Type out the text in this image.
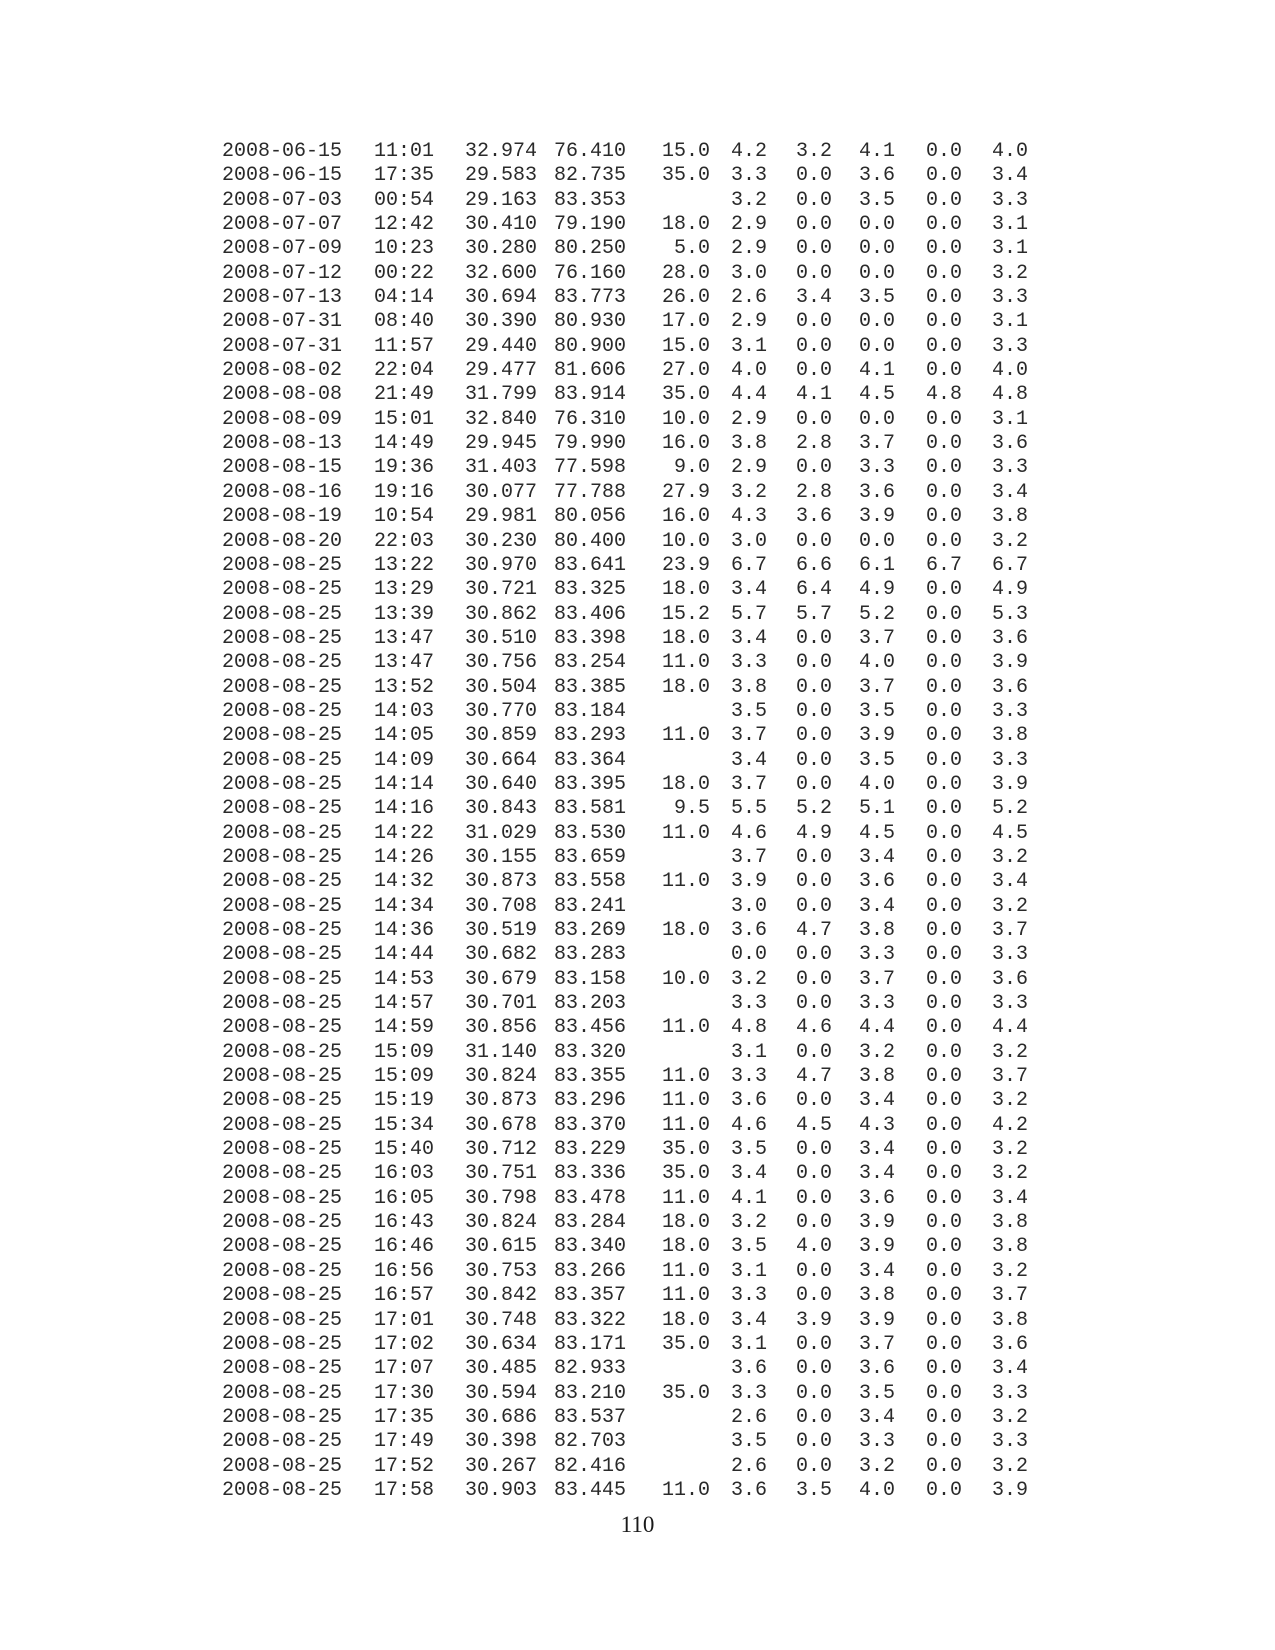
2008-06-15 11:01 32.974 76.410 15.0 4.2 3.2 4.1 0.0 4.0
2008-06-15 17:35 29.583 82.735 35.0 3.3 0.0 3.6 0.0 3.4
2008-07-03 00:54 29.163 83.353	3.2 0.0 3.5 0.0 3.3
2008-07-07 12:42 30.410 79.190 18.0 2.9 0.0 0.0 0.0 3.1
2008-07-09 10:23 30.280 80.250 5.0 2.9 0.0 0.0 0.0 3.1
2008-07-12 00:22 32.600 76.160 28.0 3.0 0.0 0.0 0.0 3.2
2008-07-13 04:14 30.694 83.773 26.0 2.6 3.4 3.5 0.0 3.3
2008-07-31 08:40 30.390 80.930 17.0 2.9 0.0 0.0 0.0 3.1
2008-07-31 11:57 29.440 80.900 15.0 3.1 0.0 0.0 0.0 3.3
2008-08-02 22:04 29.477 81.606 27.0 4.0 0.0 4.1 0.0 4.0
2008-08-08 21:49 31.799 83.914 35.0 4.4 4.1 4.5 4.8 4.8
2008-08-09 15:01 32.840 76.310 10.0 2.9 0.0 0.0 0.0 3.1
2008-08-13 14:49 29.945 79.990 16.0 3.8 2.8 3.7 0.0 3.6
2008-08-15 19:36 31.403 77.598 9.0 2.9 0.0 3.3 0.0 3.3
2008-08-16 19:16 30.077 77.788 27.9 3.2 2.8 3.6 0.0 3.4
2008-08-19 10:54 29.981 80.056 16.0 4.3 3.6 3.9 0.0 3.8
2008-08-20 22:03 30.230 80.400 10.0 3.0 0.0 0.0 0.0 3.2
2008-08-25 13:22 30.970 83.641 23.9 6.7 6.6 6.1 6.7 6.7
2008-08-25 13:29 30.721 83.325 18.0 3.4 6.4 4.9 0.0 4.9
2008-08-25 13:39 30.862 83.406 15.2 5.7 5.7 5.2 0.0 5.3
2008-08-25 13:47 30.510 83.398 18.0 3.4 0.0 3.7 0.0 3.6
2008-08-25 13:47 30.756 83.254 11.0 3.3 0.0 4.0 0.0 3.9
2008-08-25 13:52 30.504 83.385 18.0 3.8 0.0 3.7 0.0 3.6
2008-08-25 14:03 30.770 83.184	3.5 0.0 3.5 0.0 3.3
2008-08-25 14:05 30.859 83.293 11.0 3.7 0.0 3.9 0.0 3.8
2008-08-25 14:09 30.664 83.364	3.4 0.0 3.5 0.0 3.3
2008-08-25 14:14 30.640 83.395 18.0 3.7 0.0 4.0 0.0 3.9
2008-08-25 14:16 30.843 83.581 9.5 5.5 5.2 5.1 0.0 5.2
2008-08-25 14:22 31.029 83.530 11.0 4.6 4.9 4.5 0.0 4.5
2008-08-25 14:26 30.155 83.659	3.7 0.0 3.4 0.0 3.2
2008-08-25 14:32 30.873 83.558 11.0 3.9 0.0 3.6 0.0 3.4
2008-08-25 14:34 30.708 83.241	3.0 0.0 3.4 0.0 3.2
2008-08-25 14:36 30.519 83.269 18.0 3.6 4.7 3.8 0.0 3.7
2008-08-25 14:44 30.682 83.283	0.0 0.0 3.3 0.0 3.3
2008-08-25 14:53 30.679 83.158 10.0 3.2 0.0 3.7 0.0 3.6
2008-08-25 14:57 30.701 83.203	3.3 0.0 3.3 0.0 3.3
2008-08-25 14:59 30.856 83.456 11.0 4.8 4.6 4.4 0.0 4.4
2008-08-25 15:09 31.140 83.320	3.1 0.0 3.2 0.0 3.2
2008-08-25 15:09 30.824 83.355 11.0 3.3 4.7 3.8 0.0 3.7
2008-08-25 15:19 30.873 83.296 11.0 3.6 0.0 3.4 0.0 3.2
2008-08-25 15:34 30.678 83.370 11.0 4.6 4.5 4.3 0.0 4.2
2008-08-25 15:40 30.712 83.229 35.0 3.5 0.0 3.4 0.0 3.2
2008-08-25 16:03 30.751 83.336 35.0 3.4 0.0 3.4 0.0 3.2
2008-08-25 16:05 30.798 83.478 11.0 4.1 0.0 3.6 0.0 3.4
2008-08-25 16:43 30.824 83.284 18.0 3.2 0.0 3.9 0.0 3.8
2008-08-25 16:46 30.615 83.340 18.0 3.5 4.0 3.9 0.0 3.8
2008-08-25 16:56 30.753 83.266 11.0 3.1 0.0 3.4 0.0 3.2
2008-08-25 16:57 30.842 83.357 11.0 3.3 0.0 3.8 0.0 3.7
2008-08-25 17:01 30.748 83.322 18.0 3.4 3.9 3.9 0.0 3.8
2008-08-25 17:02 30.634 83.171 35.0 3.1 0.0 3.7 0.0 3.6
2008-08-25 17:07 30.485 82.933	3.6 0.0 3.6 0.0 3.4
2008-08-25 17:30 30.594 83.210 35.0 3.3 0.0 3.5 0.0 3.3
2008-08-25 17:35 30.686 83.537	2.6 0.0 3.4 0.0 3.2
2008-08-25 17:49 30.398 82.703	3.5 0.0 3.3 0.0 3.3
2008-08-25 17:52 30.267 82.416	2.6 0.0 3.2 0.0 3.2
2008-08-25 17:58 30.903 83.445 11.0 3.6 3.5 4.0 0.0 3.9
110
